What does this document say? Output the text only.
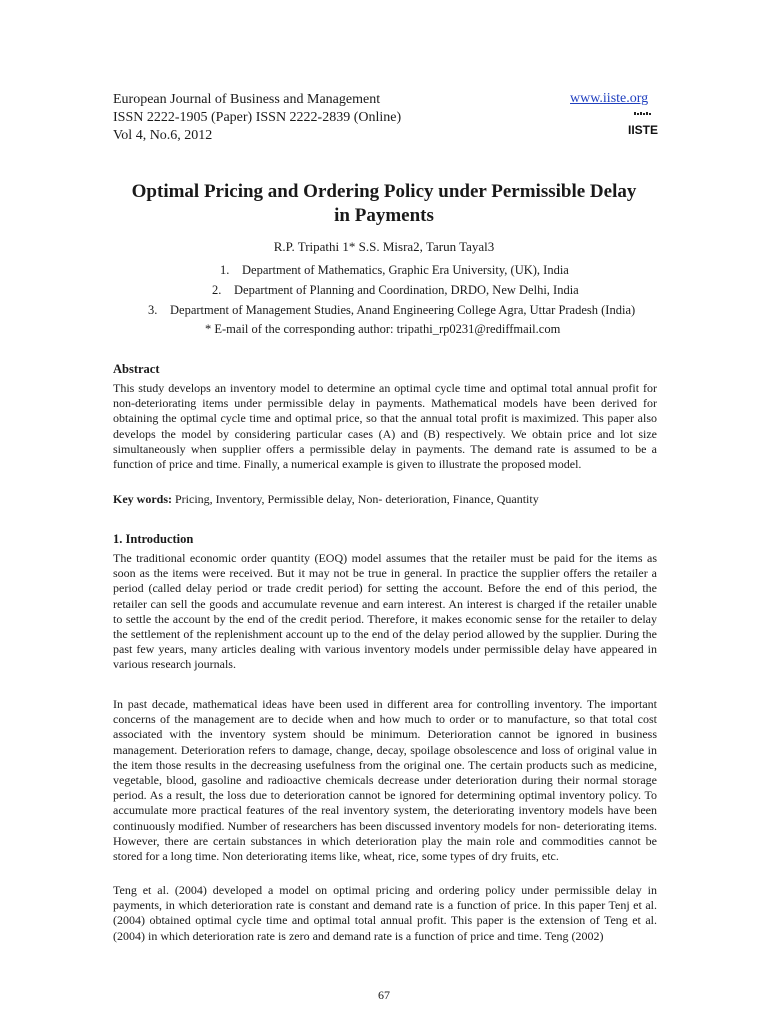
European Journal of Business and Management
ISSN 2222-1905 (Paper) ISSN 2222-2839 (Online)
Vol 4, No.6, 2012
www.iiste.org
IISTE
Optimal Pricing and Ordering Policy under Permissible Delay
in Payments
R.P. Tripathi 1* S.S. Misra2, Tarun Tayal3
1. Department of Mathematics, Graphic Era University, (UK), India
2. Department of Planning and Coordination, DRDO, New Delhi, India
3. Department of Management Studies, Anand Engineering College Agra, Uttar Pradesh (India)
* E-mail of the corresponding author: tripathi_rp0231@rediffmail.com
Abstract
This study develops an inventory model to determine an optimal cycle time and optimal total annual profit for non-deteriorating items under permissible delay in payments. Mathematical models have been derived for obtaining the optimal cycle time and optimal price, so that the annual total profit is maximized. This paper also develops the model by considering particular cases (A) and (B) respectively. We obtain price and lot size simultaneously when supplier offers a permissible delay in payments. The demand rate is assumed to be a function of price and time. Finally, a numerical example is given to illustrate the proposed model.
Key words: Pricing, Inventory, Permissible delay, Non- deterioration, Finance, Quantity
1. Introduction
The traditional economic order quantity (EOQ) model assumes that the retailer must be paid for the items as soon as the items were received. But it may not be true in general. In practice the supplier offers the retailer a period (called delay period or trade credit period) for setting the account. Before the end of this period, the retailer can sell the goods and accumulate revenue and earn interest. An interest is charged if the retailer unable to settle the account by the end of the credit period. Therefore, it makes economic sense for the retailer to delay the settlement of the replenishment account up to the end of the delay period allowed by the supplier. During the past few years, many articles dealing with various inventory models under permissible delay have appeared in various research journals.
In past decade, mathematical ideas have been used in different area for controlling inventory. The important concerns of the management are to decide when and how much to order or to manufacture, so that total cost associated with the inventory system should be minimum. Deterioration cannot be ignored in business management. Deterioration refers to damage, change, decay, spoilage obsolescence and loss of original value in the item those results in the decreasing usefulness from the original one. The certain products such as medicine, vegetable, blood, gasoline and radioactive chemicals decrease under deterioration during their normal storage period. As a result, the loss due to deterioration cannot be ignored for determining optimal inventory policy. To accumulate more practical features of the real inventory system, the deteriorating inventory models have been continuously modified. Number of researchers has been discussed inventory models for non- deteriorating items. However, there are certain substances in which deterioration play the main role and commodities cannot be stored for a long time. Non deteriorating items like, wheat, rice, some types of dry fruits, etc.
Teng et al. (2004) developed a model on optimal pricing and ordering policy under permissible delay in payments, in which deterioration rate is constant and demand rate is a function of price. In this paper Tenj et al.(2004) obtained optimal cycle time and optimal total annual profit. This paper is the extension of Teng et al. (2004) in which deterioration rate is zero and demand rate is a function of price and time. Teng (2002)
67
